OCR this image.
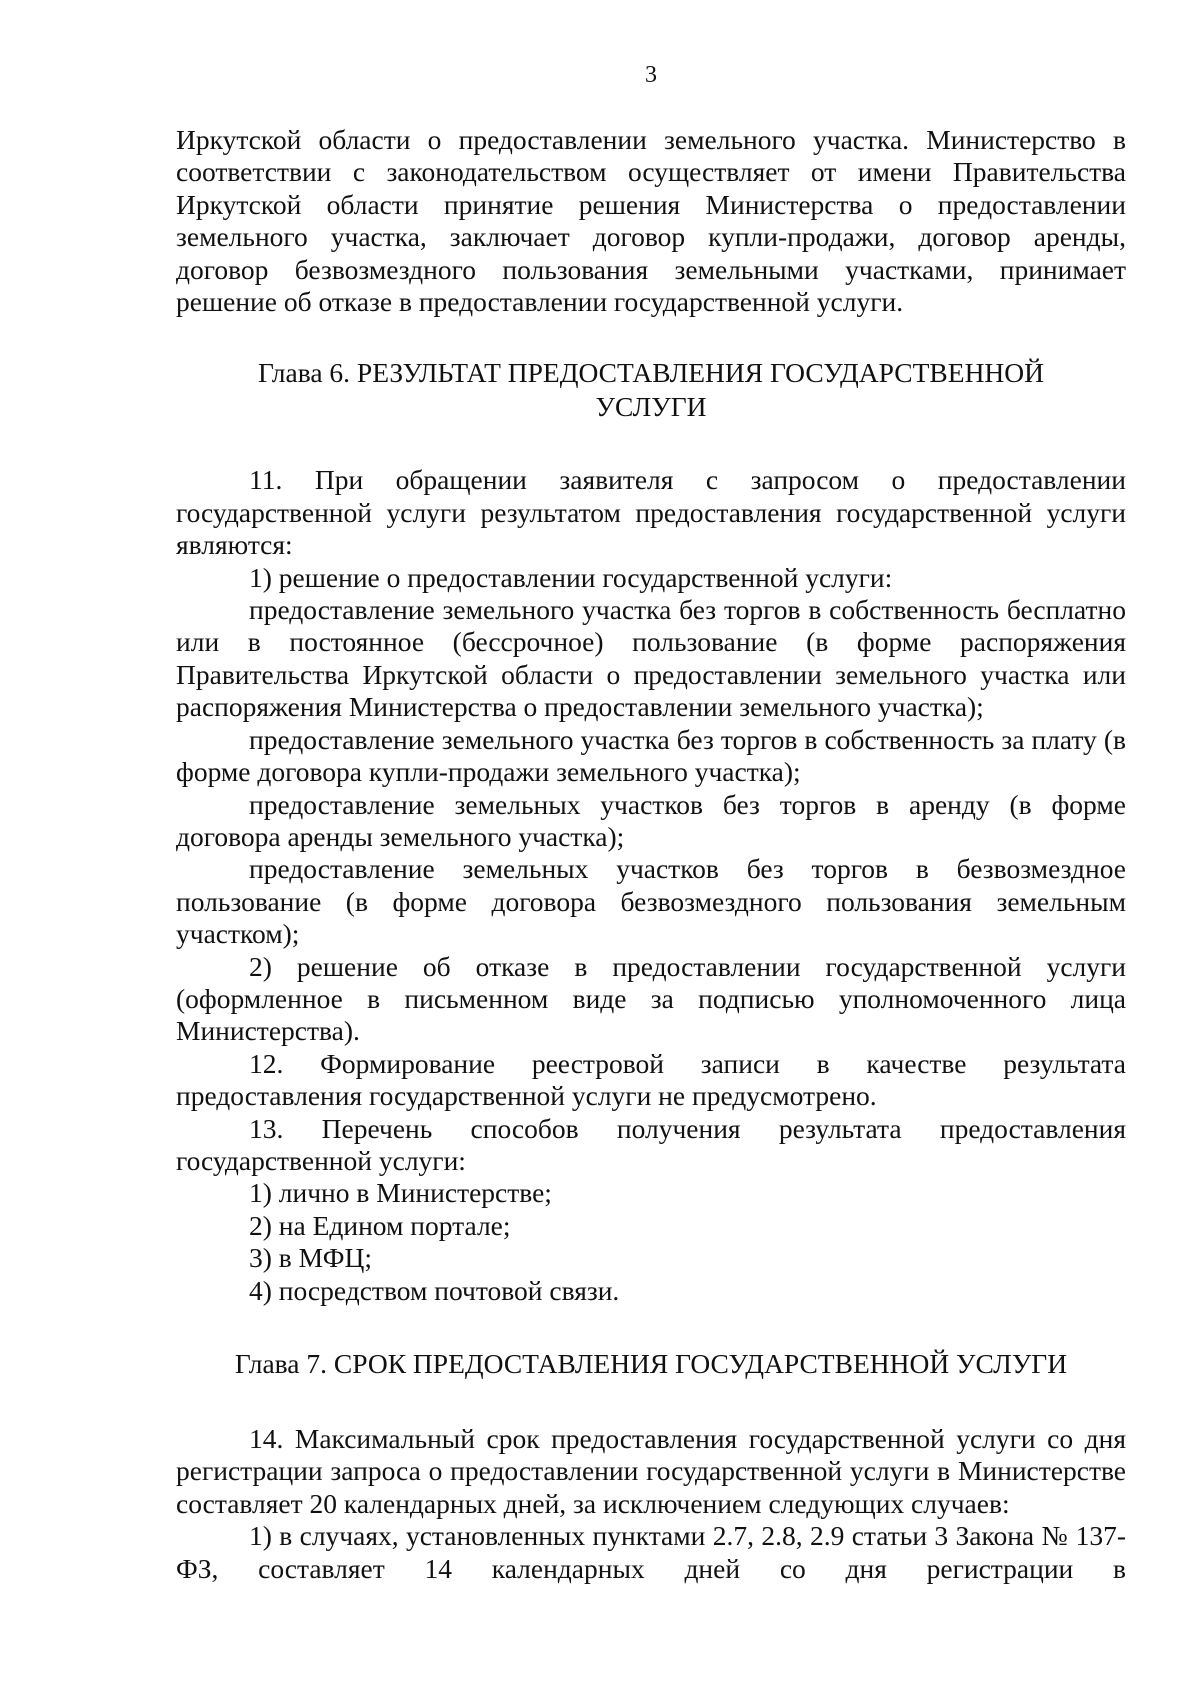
3

Иркутской области о предоставлении земельного участка. Министерство в соответствии с законодательством осуществляет от имени Правительства Иркутской области принятие решения Министерства о предоставлении земельного участка, заключает договор купли-продажи, договор аренды, договор безвозмездного пользования земельными участками, принимает решение об отказе в предоставлении государственной услуги.

Глава 6. РЕЗУЛЬТАТ ПРЕДОСТАВЛЕНИЯ ГОСУДАРСТВЕННОЙ
УСЛУГИ

11. При обращении заявителя с запросом о предоставлении государственной услуги результатом предоставления государственной услуги являются:

1) решение о предоставлении государственной услуги:

предоставление земельного участка без торгов в собственность бесплатно или в постоянное (бессрочное) пользование (в форме распоряжения Правительства Иркутской области о предоставлении земельного участка или распоряжения Министерства о предоставлении земельного участка);

предоставление земельного участка без торгов в собственность за плату (в форме договора купли-продажи земельного участка);

предоставление земельных участков без торгов в аренду (в форме договора аренды земельного участка);

предоставление земельных участков без торгов в безвозмездное пользование (в форме договора безвозмездного пользования земельным участком);

2) решение об отказе в предоставлении государственной услуги (оформленное в письменном виде за подписью уполномоченного лица Министерства).

12. Формирование реестровой записи в качестве результата предоставления государственной услуги не предусмотрено.

13. Перечень способов получения результата предоставления государственной услуги:

1) лично в Министерстве;

2) на Едином портале;

3) в МФЦ;

4) посредством почтовой связи.

Глава 7. СРОК ПРЕДОСТАВЛЕНИЯ ГОСУДАРСТВЕННОЙ УСЛУГИ

14. Максимальный срок предоставления государственной услуги со дня регистрации запроса о предоставлении государственной услуги в Министерстве составляет 20 календарных дней, за исключением следующих случаев:

1) в случаях, установленных пунктами 2.7, 2.8, 2.9 статьи 3 Закона № 137-ФЗ, составляет 14 календарных дней со дня регистрации в
